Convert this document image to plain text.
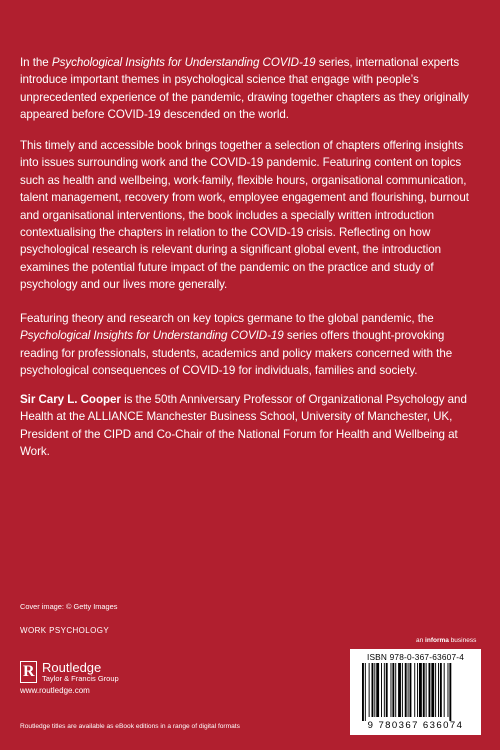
In the Psychological Insights for Understanding COVID-19 series, international experts introduce important themes in psychological science that engage with people’s unprecedented experience of the pandemic, drawing together chapters as they originally appeared before COVID-19 descended on the world.

This timely and accessible book brings together a selection of chapters offering insights into issues surrounding work and the COVID-19 pandemic. Featuring content on topics such as health and wellbeing, work-family, flexible hours, organisational communication, talent management, recovery from work, employee engagement and flourishing, burnout and organisational interventions, the book includes a specially written introduction contextualising the chapters in relation to the COVID-19 crisis. Reflecting on how psychological research is relevant during a significant global event, the introduction examines the potential future impact of the pandemic on the practice and study of psychology and our lives more generally.

Featuring theory and research on key topics germane to the global pandemic, the Psychological Insights for Understanding COVID-19 series offers thought-provoking reading for professionals, students, academics and policy makers concerned with the psychological consequences of COVID-19 for individuals, families and society.

Sir Cary L. Cooper is the 50th Anniversary Professor of Organizational Psychology and Health at the ALLIANCE Manchester Business School, University of Manchester, UK, President of the CIPD and Co-Chair of the National Forum for Health and Wellbeing at Work.

Cover image: © Getty Images
WORK PSYCHOLOGY
R Routledge
Taylor & Francis Group
www.routledge.com
Routledge titles are available as eBook editions in a range of digital formats
an informa business
ISBN 978-0-367-63607-4
9 780367 636074
